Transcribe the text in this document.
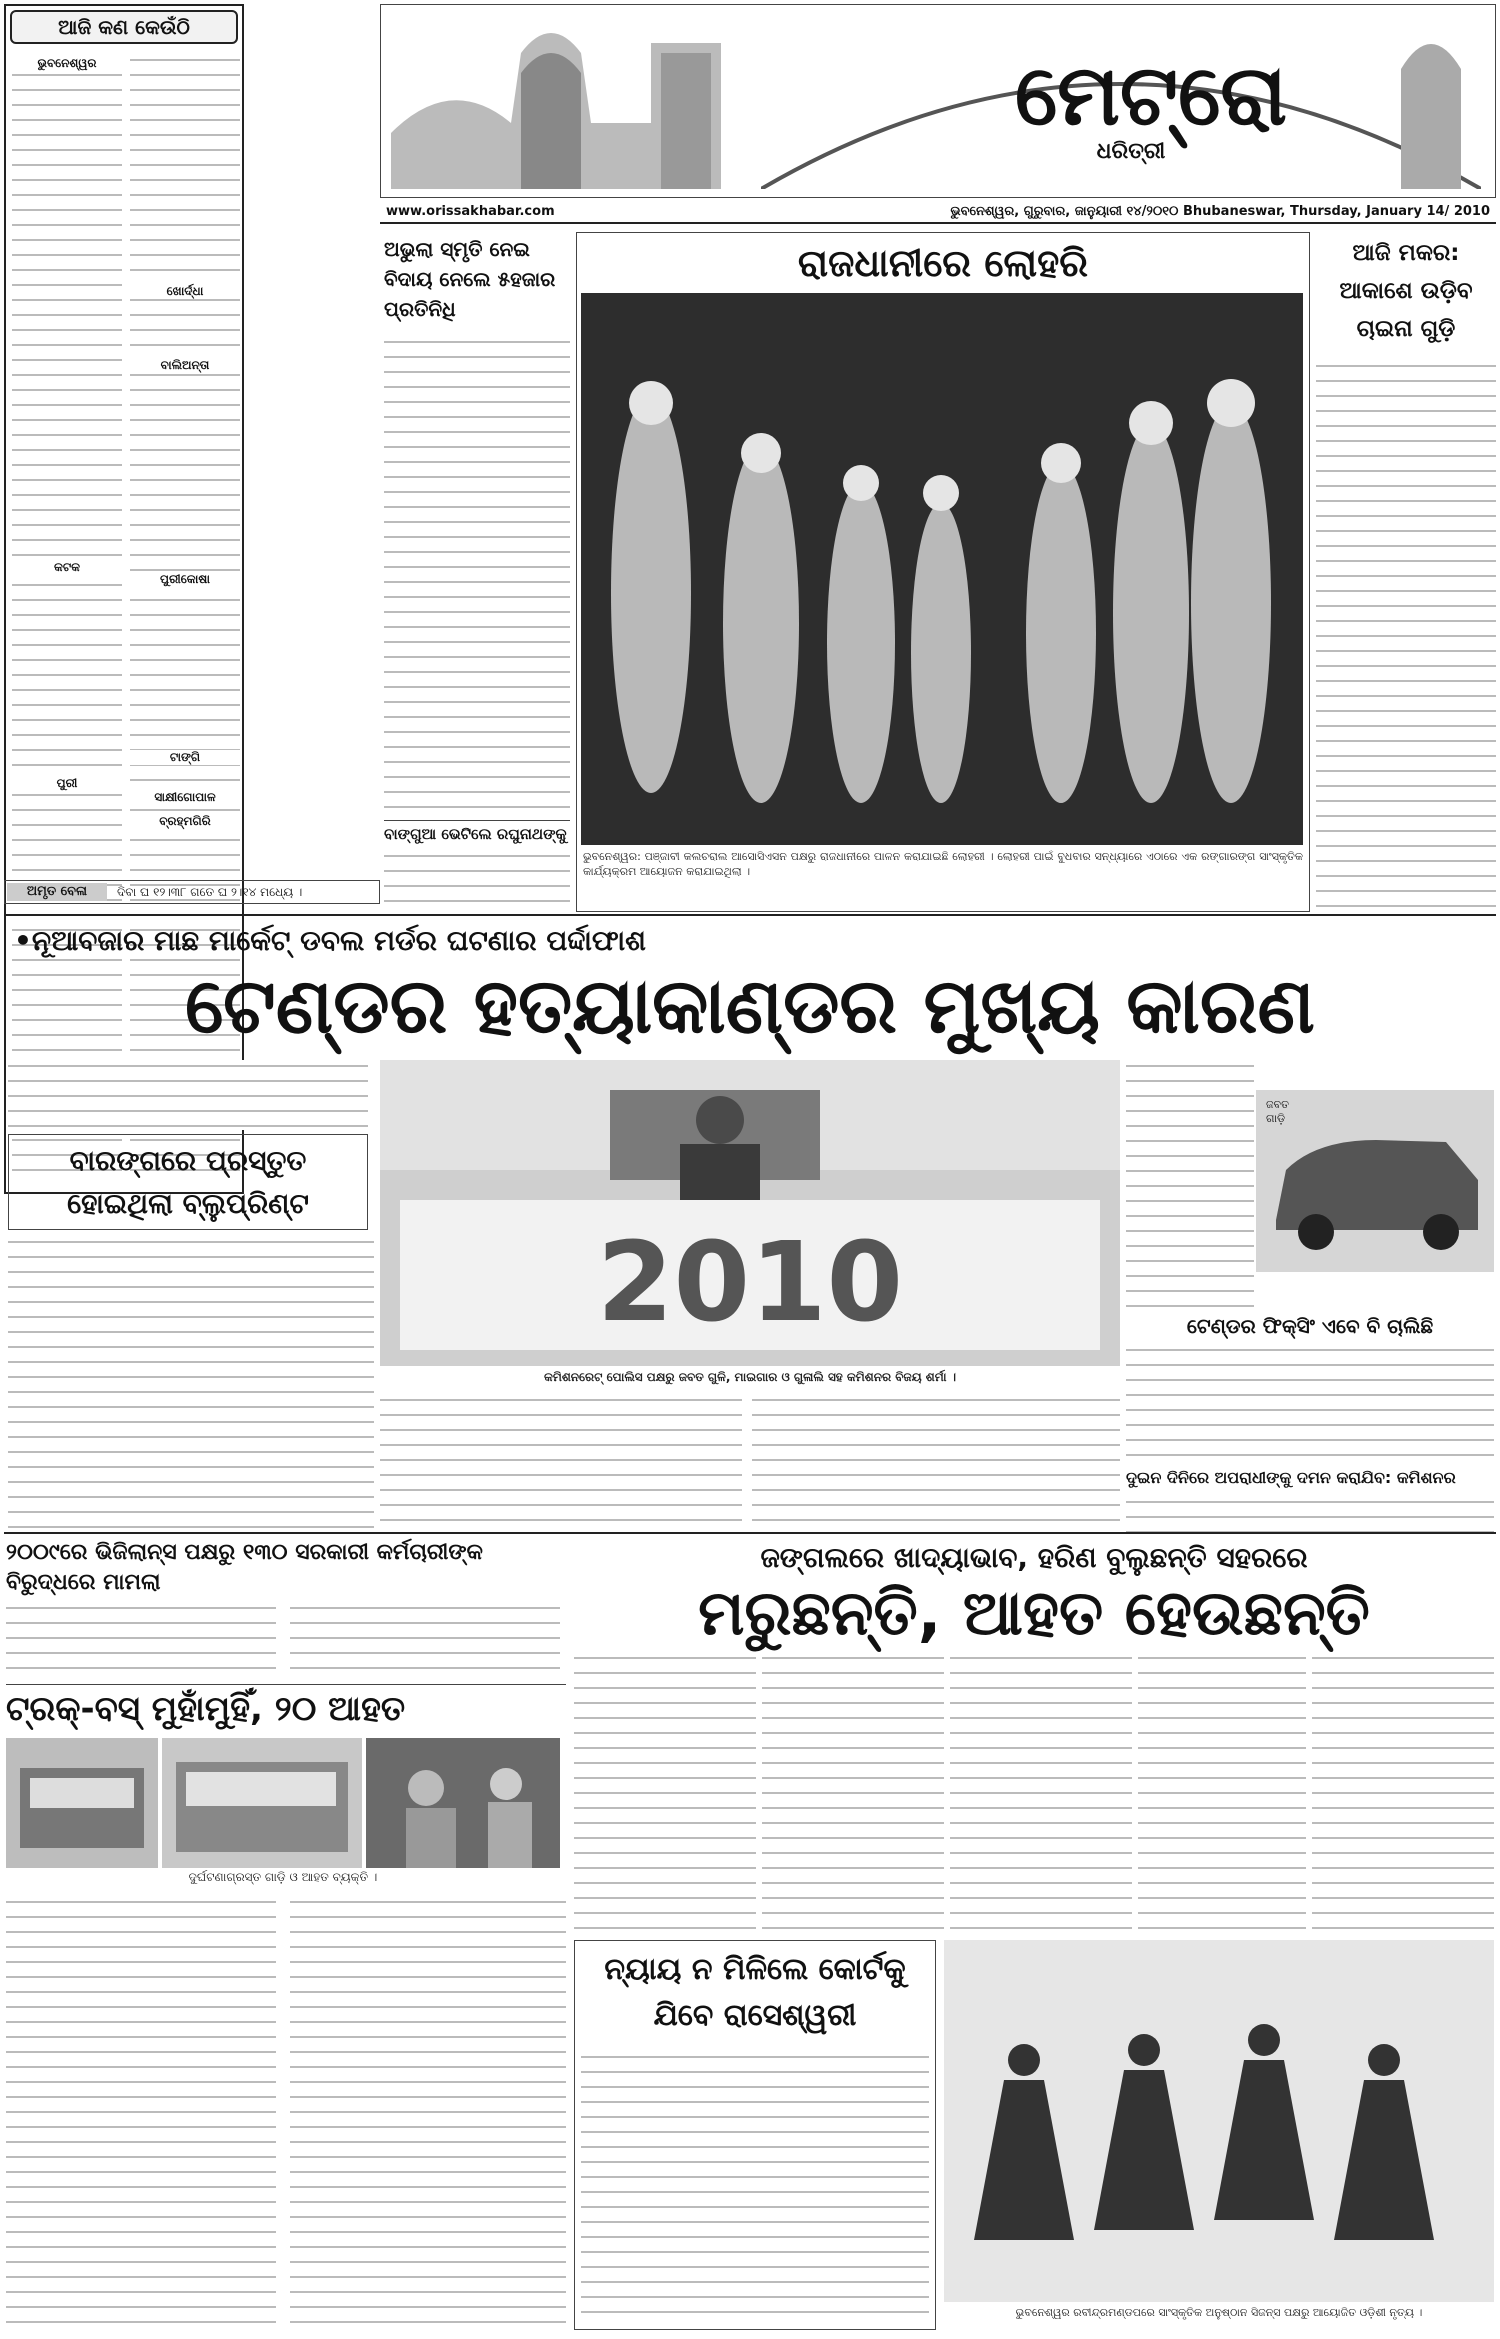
ଆଜି କଣ କେଉଁଠି
ଭୁବନେଶ୍ୱର
ଖୋର୍ଦ୍ଧା
ବାଲିଅନ୍ତା
ପୁରୀକୋଷା
ଟାଙ୍ଗି
ସାକ୍ଷୀଗୋପାଳ
ପୁରୀ
କଟକ
ବ୍ରହ୍ମଗିରି
ଅମୃତ ବେଳା	ଦିବା ଘ ୧୨।୩୮ ଗତେ ଘ ୨।୧୪ ମଧ୍ୟେ ।
ମେଟ୍ରୋ
ଧରିତ୍ରୀ
www.orissakhabar.com	ଭୁବନେଶ୍ୱର, ଗୁରୁବାର, ଜାନୁୟାରୀ ୧୪/୨୦୧୦ Bhubaneswar, Thursday, January 14/ 2010
ଅଭୁଲା ସ୍ମୃତି ନେଇ ବିଦାୟ ନେଲେ ୫ହଜାର ପ୍ରତିନିଧି
ବାଙ୍ଗୁଆ ଭେଟିଲେ ରଘୁନାଥଙ୍କୁ
ରାଜଧାନୀରେ ଲୋହରି
ଭୁବନେଶ୍ୱର: ପଞ୍ଜାବୀ କଲଚରାଲ ଆସୋସିଏସନ ପକ୍ଷରୁ ରାଜଧାନୀରେ ପାଳନ କରାଯାଇଛି ଲୋହରୀ । ଲୋହରୀ ପାଇଁ ବୁଧବାର ସନ୍ଧ୍ୟାରେ ଏଠାରେ ଏକ ରଙ୍ଗାରଙ୍ଗ ସାଂସ୍କୃତିକ କାର୍ଯ୍ୟକ୍ରମ ଆୟୋଜନ କରାଯାଇଥିଲା ।
ଆଜି ମକର: ଆକାଶେ ଉଡ଼ିବ ଚାଇନା ଗୁଡ଼ି
•ନୂଆବଜାର ମାଛ ମାର୍କେଟ୍ ଡବଲ ମର୍ଡର ଘଟଣାର ପର୍ଦ୍ଦାଫାଶ
ଟେଣ୍ଡର ହତ୍ୟାକାଣ୍ଡର ମୁଖ୍ୟ କାରଣ
ବାରଙ୍ଗରେ ପ୍ରସ୍ତୁତ ହୋଇଥିଲା ବ୍ଲୁପ୍ରିଣ୍ଟ
2010
କମିଶନରେଟ୍ ପୋଲିସ ପକ୍ଷରୁ ଜବତ ଗୁଳି, ମାଇଗାର ଓ ଗୁଳାଲି ସହ କମିଶନର ବିଜୟ ଶର୍ମା ।
ଜବତ ଗାଡ଼ି
ଟେଣ୍ଡର ଫିକ୍ସିଂ ଏବେ ବି ଚାଲିଛି
ଦୁଇନ ଦିନିରେ ଅପରାଧୀଙ୍କୁ ଦମନ କରାଯିବ: କମିଶନର
୨୦୦୯ରେ ଭିଜିଲାନ୍ସ ପକ୍ଷରୁ ୧୩୦ ସରକାରୀ କର୍ମଚାରୀଙ୍କ ବିରୁଦ୍ଧରେ ମାମଲା
ଟ୍ରକ୍-ବସ୍ ମୁହାଁମୁହିଁ, ୨୦ ଆହତ
ଦୁର୍ଘଟଣାଗ୍ରସ୍ତ ଗାଡ଼ି ଓ ଆହତ ବ୍ୟକ୍ତି ।
ଜଙ୍ଗଲରେ ଖାଦ୍ୟାଭାବ, ହରିଣ ବୁଲୁଛନ୍ତି ସହରରେ
ମରୁଛନ୍ତି, ଆହତ ହେଉଛନ୍ତି
ନ୍ୟାୟ ନ ମିଳିଲେ କୋର୍ଟକୁ ଯିବେ ରାସେଶ୍ୱରୀ
ଭୁବନେଶ୍ୱର ରବୀନ୍ଦ୍ରମଣ୍ଡପରେ ସାଂସ୍କୃତିକ ଅନୁଷ୍ଠାନ ସିଜନ୍ସ ପକ୍ଷରୁ ଆୟୋଜିତ ଓଡ଼ିଶୀ ନୃତ୍ୟ ।
